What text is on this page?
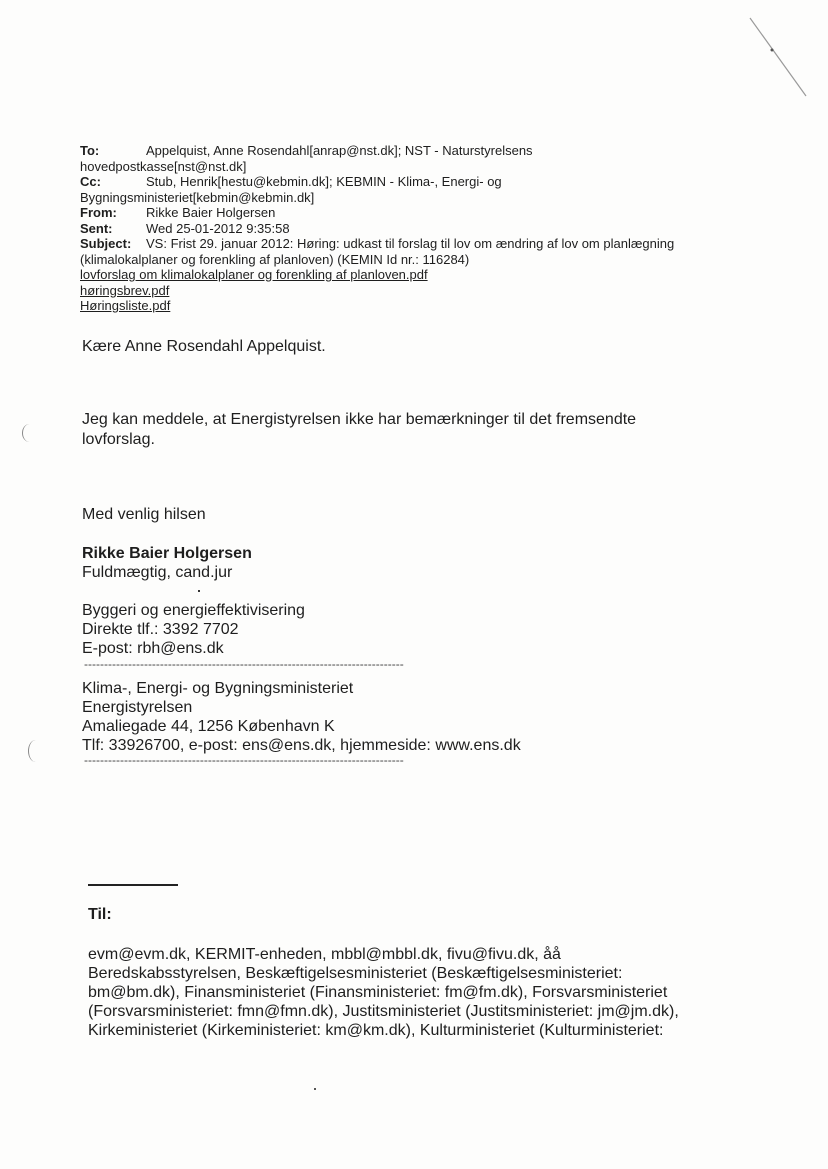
To:	Appelquist, Anne Rosendahl[anrap@nst.dk]; NST - Naturstyrelsens
hovedpostkasse[nst@nst.dk]
Cc:	Stub, Henrik[hestu@kebmin.dk]; KEBMIN - Klima-, Energi- og
Bygningsministeriet[kebmin@kebmin.dk]
From: Rikke Baier Holgersen
Sent:	Wed 25-01-2012 9:35:58
Subject: VS: Frist 29. januar 2012: Høring: udkast til forslag til lov om ændring af lov om planlægning
(klimalokalplaner og forenkling af planloven) (KEMIN Id nr.: 116284)
lovforslag om klimalokalplaner og forenkling af planloven.pdf
høringsbrev.pdf
Høringsliste.pdf
Kære Anne Rosendahl Appelquist.
Jeg kan meddele, at Energistyrelsen ikke har bemærkninger til det fremsendte
lovforslag.
Med venlig hilsen
Rikke Baier Holgersen
Fuldmægtig, cand.jur
Byggeri og energieffektivisering
Direkte tlf.: 3392 7702
E-post: rbh@ens.dk
--------------------------------------------------------------------------------
Klima-, Energi- og Bygningsministeriet
Energistyrelsen
Amaliegade 44, 1256 København K
Tlf: 33926700, e-post: ens@ens.dk, hjemmeside: www.ens.dk
--------------------------------------------------------------------------------
Til:
evm@evm.dk, KERMIT-enheden, mbbl@mbbl.dk, fivu@fivu.dk, åå
Beredskabsstyrelsen, Beskæftigelsesministeriet (Beskæftigelsesministeriet:
bm@bm.dk), Finansministeriet (Finansministeriet: fm@fm.dk), Forsvarsministeriet
(Forsvarsministeriet: fmn@fmn.dk), Justitsministeriet (Justitsministeriet: jm@jm.dk),
Kirkeministeriet (Kirkeministeriet: km@km.dk), Kulturministeriet (Kulturministeriet:
